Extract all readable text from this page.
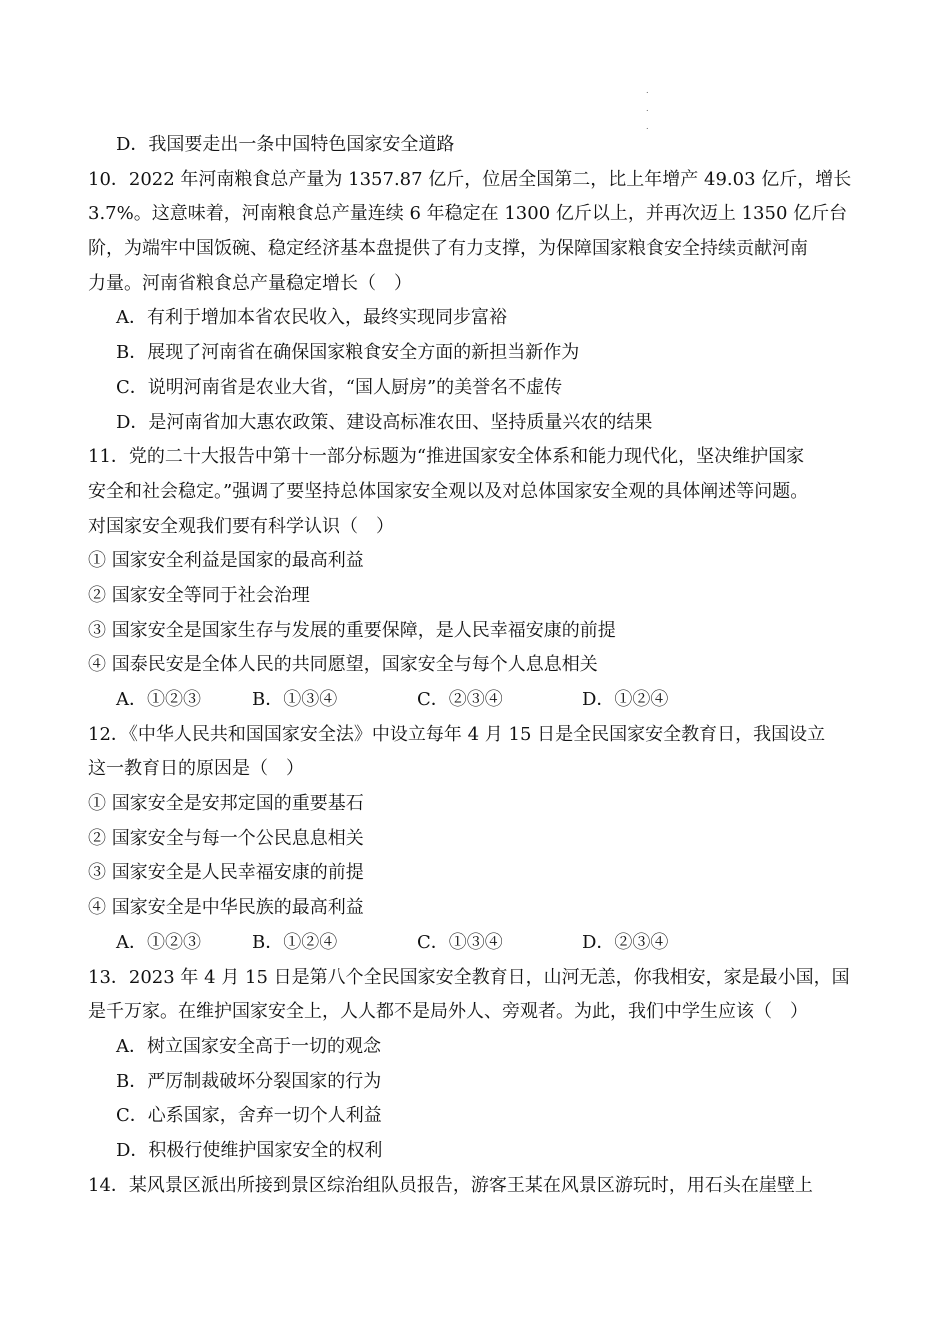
.
.
.
D．我国要走出一条中国特色国家安全道路
10．2022 年河南粮食总产量为 1357.87 亿斤，位居全国第二，比上年增产 49.03 亿斤，增长
3.7%。这意味着，河南粮食总产量连续 6 年稳定在 1300 亿斤以上，并再次迈上 1350 亿斤台
阶，为端牢中国饭碗、稳定经济基本盘提供了有力支撑，为保障国家粮食安全持续贡献河南
力量。河南省粮食总产量稳定增长（　）
A．有利于增加本省农民收入，最终实现同步富裕
B．展现了河南省在确保国家粮食安全方面的新担当新作为
C．说明河南省是农业大省，“国人厨房”的美誉名不虚传
D．是河南省加大惠农政策、建设高标准农田、坚持质量兴农的结果
11．党的二十大报告中第十一部分标题为“推进国家安全体系和能力现代化，坚决维护国家
安全和社会稳定。”强调了要坚持总体国家安全观以及对总体国家安全观的具体阐述等问题。
对国家安全观我们要有科学认识（　）
① 国家安全利益是国家的最高利益
② 国家安全等同于社会治理
③ 国家安全是国家生存与发展的重要保障，是人民幸福安康的前提
④ 国泰民安是全体人民的共同愿望，国家安全与每个人息息相关
A．①②③	B．①③④	C．②③④	D．①②④
12．《中华人民共和国国家安全法》中设立每年 4 月 15 日是全民国家安全教育日，我国设立
这一教育日的原因是（　）
① 国家安全是安邦定国的重要基石
② 国家安全与每一个公民息息相关
③ 国家安全是人民幸福安康的前提
④ 国家安全是中华民族的最高利益
A．①②③	B．①②④	C．①③④	D．②③④
13．2023 年 4 月 15 日是第八个全民国家安全教育日，山河无恙，你我相安，家是最小国，国
是千万家。在维护国家安全上，人人都不是局外人、旁观者。为此，我们中学生应该（　）
A．树立国家安全高于一切的观念
B．严厉制裁破坏分裂国家的行为
C．心系国家，舍弃一切个人利益
D．积极行使维护国家安全的权利
14．某风景区派出所接到景区综治组队员报告，游客王某在风景区游玩时，用石头在崖壁上
